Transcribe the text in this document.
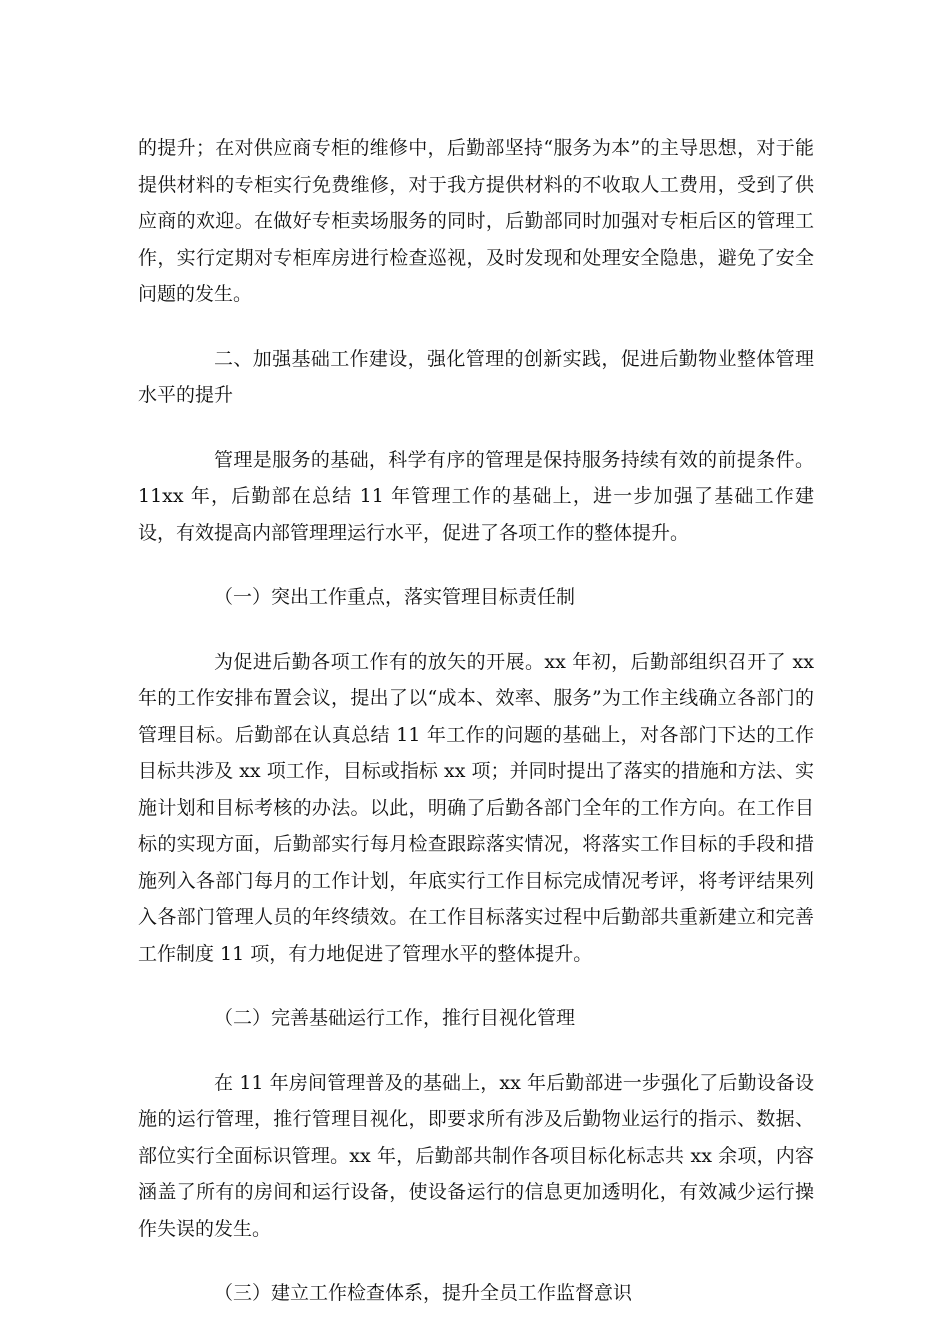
的提升；在对供应商专柜的维修中，后勤部坚持“服务为本”的主导思想，对于能提供材料的专柜实行免费维修，对于我方提供材料的不收取人工费用，受到了供应商的欢迎。在做好专柜卖场服务的同时，后勤部同时加强对专柜后区的管理工作，实行定期对专柜库房进行检查巡视，及时发现和处理安全隐患，避免了安全问题的发生。

二、加强基础工作建设，强化管理的创新实践，促进后勤物业整体管理水平的提升

管理是服务的基础，科学有序的管理是保持服务持续有效的前提条件。11xx 年，后勤部在总结 11 年管理工作的基础上，进一步加强了基础工作建设，有效提高内部管理理运行水平，促进了各项工作的整体提升。

（一）突出工作重点，落实管理目标责任制

为促进后勤各项工作有的放矢的开展。xx 年初，后勤部组织召开了 xx 年的工作安排布置会议，提出了以“成本、效率、服务”为工作主线确立各部门的管理目标。后勤部在认真总结 11 年工作的问题的基础上，对各部门下达的工作目标共涉及 xx 项工作，目标或指标 xx 项；并同时提出了落实的措施和方法、实施计划和目标考核的办法。以此，明确了后勤各部门全年的工作方向。在工作目标的实现方面，后勤部实行每月检查跟踪落实情况，将落实工作目标的手段和措施列入各部门每月的工作计划，年底实行工作目标完成情况考评，将考评结果列入各部门管理人员的年终绩效。在工作目标落实过程中后勤部共重新建立和完善工作制度 11 项，有力地促进了管理水平的整体提升。

（二）完善基础运行工作，推行目视化管理

在 11 年房间管理普及的基础上，xx 年后勤部进一步强化了后勤设备设施的运行管理，推行管理目视化，即要求所有涉及后勤物业运行的指示、数据、部位实行全面标识管理。xx 年，后勤部共制作各项目标化标志共 xx 余项，内容涵盖了所有的房间和运行设备，使设备运行的信息更加透明化，有效减少运行操作失误的发生。

（三）建立工作检查体系，提升全员工作监督意识
